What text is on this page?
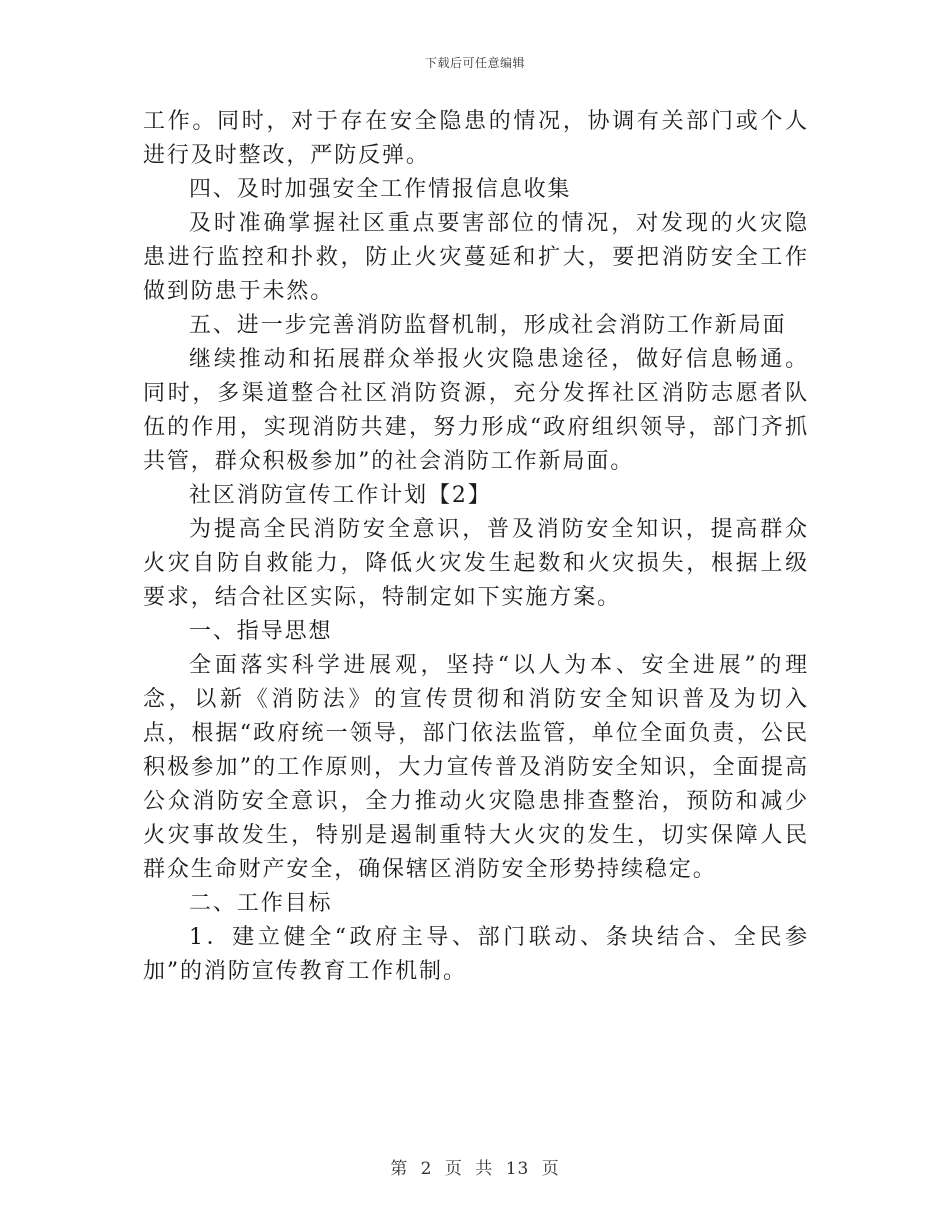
下载后可任意编辑

工作。同时，对于存在安全隐患的情况，协调有关部门或个人进行及时整改，严防反弹。

四、及时加强安全工作情报信息收集

及时准确掌握社区重点要害部位的情况，对发现的火灾隐患进行监控和扑救，防止火灾蔓延和扩大，要把消防安全工作做到防患于未然。

五、进一步完善消防监督机制，形成社会消防工作新局面

继续推动和拓展群众举报火灾隐患途径，做好信息畅通。同时，多渠道整合社区消防资源，充分发挥社区消防志愿者队伍的作用，实现消防共建，努力形成“政府组织领导，部门齐抓共管，群众积极参加”的社会消防工作新局面。

社区消防宣传工作计划【2】

为提高全民消防安全意识，普及消防安全知识，提高群众火灾自防自救能力，降低火灾发生起数和火灾损失，根据上级要求，结合社区实际，特制定如下实施方案。

一、指导思想

全面落实科学进展观，坚持“以人为本、安全进展”的理念，以新《消防法》的宣传贯彻和消防安全知识普及为切入点，根据“政府统一领导，部门依法监管，单位全面负责，公民积极参加”的工作原则，大力宣传普及消防安全知识，全面提高公众消防安全意识，全力推动火灾隐患排查整治，预防和减少火灾事故发生，特别是遏制重特大火灾的发生，切实保障人民群众生命财产安全，确保辖区消防安全形势持续稳定。

二、工作目标

1．建立健全“政府主导、部门联动、条块结合、全民参加”的消防宣传教育工作机制。

第 2 页 共 13 页
